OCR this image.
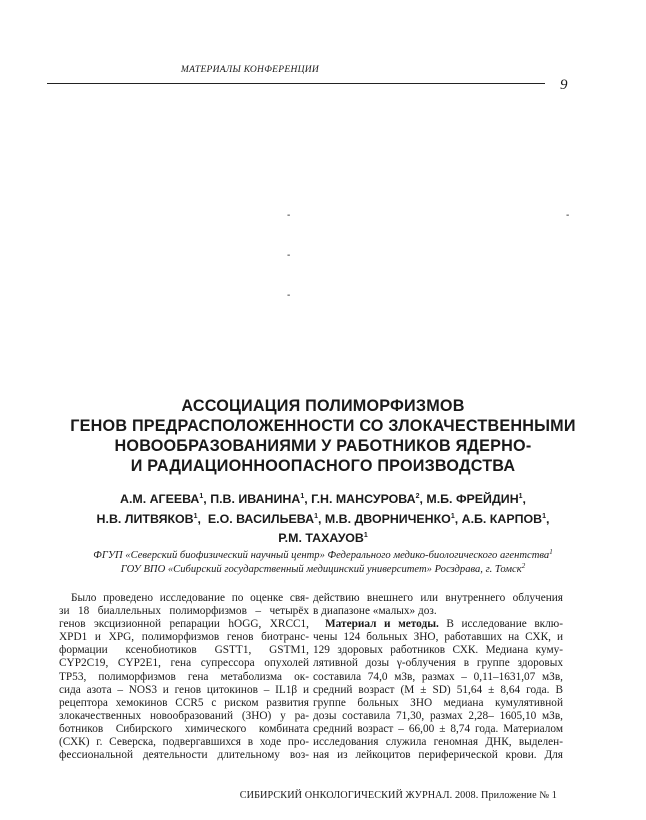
МАТЕРИАЛЫ КОНФЕРЕНЦИИ
9
-	-
-
-
АССОЦИАЦИЯ ПОЛИМОРФИЗМОВ
ГЕНОВ ПРЕДРАСПОЛОЖЕННОСТИ СО ЗЛОКАЧЕСТВЕННЫМИ
НОВООБРАЗОВАНИЯМИ У РАБОТНИКОВ ЯДЕРНО-
И РАДИАЦИОННООПАСНОГО ПРОИЗВОДСТВА
А.М. АГЕЕВА$^1$, П.В. ИВАНИНА$^1$, Г.Н. МАНСУРОВА$^2$, М.Б. ФРЕЙДИН$^1$,
Н.В. ЛИТВЯКОВ$^1$,  Е.О. ВАСИЛЬЕВА$^1$, М.В. ДВОРНИЧЕНКО$^1$, А.Б. КАРПОВ$^1$,
Р.М. ТАХАУОВ$^1$
ФГУП «Северский биофизический научный центр» Федерального медико-биологического агентства$^1$
ГОУ ВПО «Сибирский государственный медицинский университет» Росздрава, г. Томск$^2$
Было проведено исследование по оценке свя-
зи 18 биаллельных полиморфизмов – четырёх
генов эксцизионной репарации hOGG, XRCC1,
XPD1 и XPG, полиморфизмов генов биотранс-
формации ксенобиотиков GSTT1, GSTM1,
CYP2C19, CYP2E1, гена супрессора опухолей
TP53, полиморфизмов гена метаболизма ок-
сида азота – NOS3 и генов цитокинов – IL1β и
рецептора хемокинов CCR5 с риском развития
злокачественных новообразований (ЗНО) у ра-
ботников Сибирского химического комбината
(СХК) г. Северска, подвергавшихся в ходе про-
фессиональной деятельности длительному воз-
действию внешнего или внутреннего облучения
в диапазоне «малых» доз.
Материал и методы. В исследование вклю-
чены 124 больных ЗНО, работавших на СХК, и
129 здоровых работников СХК. Медиана куму-
лятивной дозы γ-облучения в группе здоровых
составила 74,0 мЗв, размах – 0,11–1631,07 мЗв,
средний возраст (M ± SD) 51,64 ± 8,64 года. В
группе больных ЗНО медиана кумулятивной
дозы составила 71,30, размах 2,28– 1605,10 мЗв,
средний возраст – 66,00 ± 8,74 года. Материалом
исследования служила геномная ДНК, выделен-
ная из лейкоцитов периферической крови. Для
СИБИРСКИЙ ОНКОЛОГИЧЕСКИЙ ЖУРНАЛ. 2008. Приложение № 1
